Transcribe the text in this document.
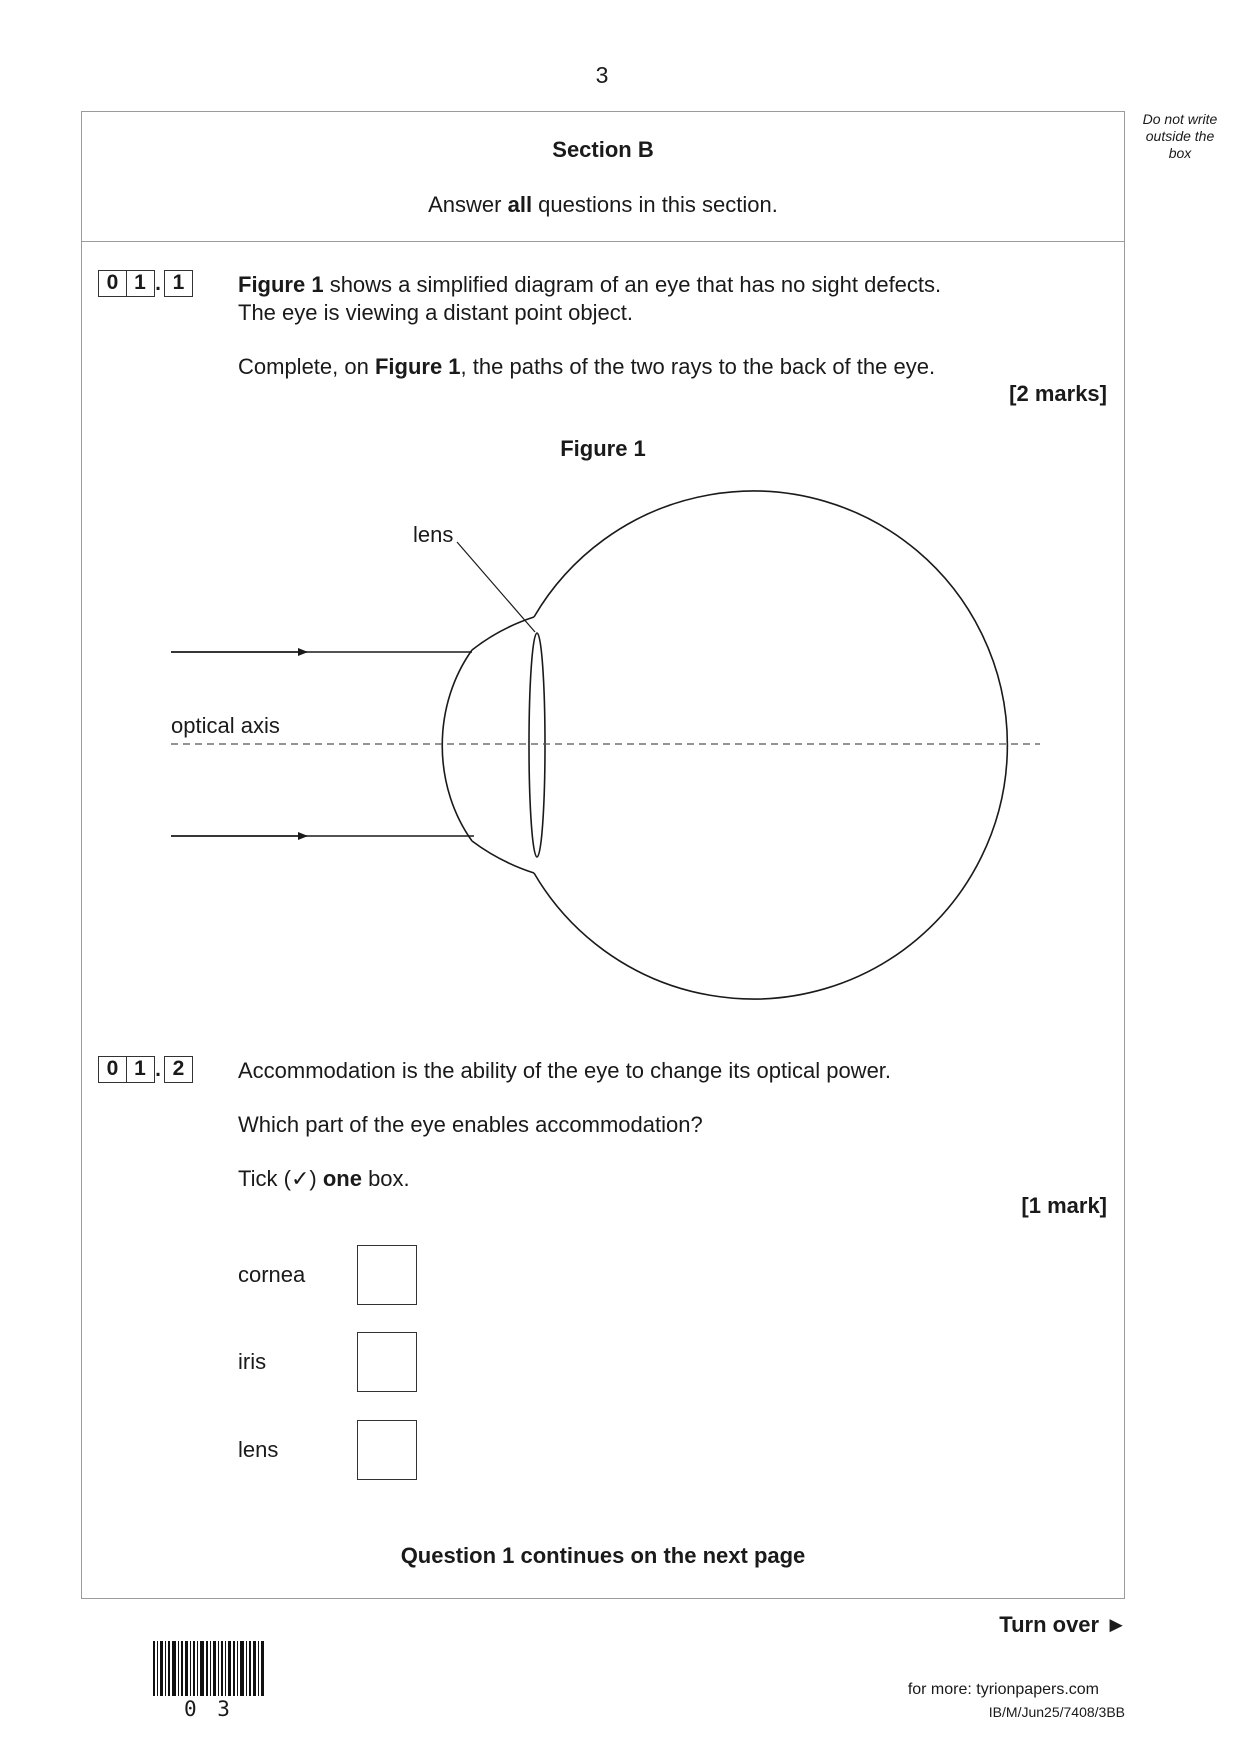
3
Do not write outside the box
Section B
Answer all questions in this section.
0 1 . 1	Figure 1 shows a simplified diagram of an eye that has no sight defects.
The eye is viewing a distant point object.
Complete, on Figure 1, the paths of the two rays to the back of the eye.
[2 marks]
Figure 1
lens
optical axis
0 1 . 2	Accommodation is the ability of the eye to change its optical power.
Which part of the eye enables accommodation?
Tick (✓) one box.
[1 mark]
cornea
iris
lens
Question 1 continues on the next page
Turn over ►
0 3
for more: tyrionpapers.com
IB/M/Jun25/7408/3BB
